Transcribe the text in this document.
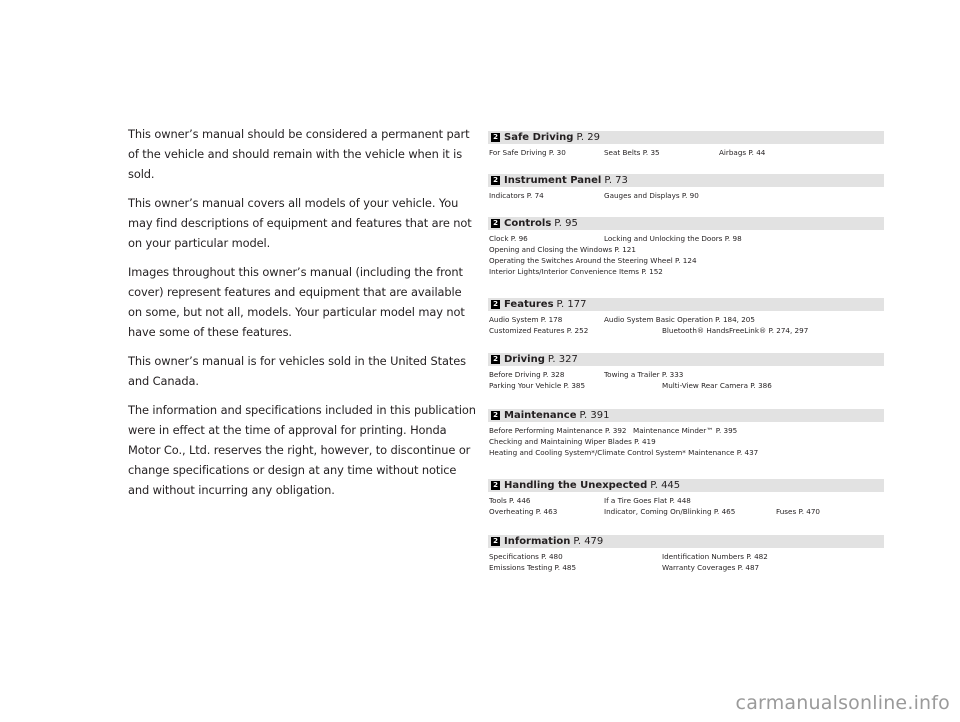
This owner’s manual should be considered a permanent part of the vehicle and should remain with the vehicle when it is sold.

This owner’s manual covers all models of your vehicle. You may find descriptions of equipment and features that are not on your particular model.

Images throughout this owner’s manual (including the front cover) represent features and equipment that are available on some, but not all, models. Your particular model may not have some of these features.

This owner’s manual is for vehicles sold in the United States and Canada.

The information and specifications included in this publication were in effect at the time of approval for printing. Honda Motor Co., Ltd. reserves the right, however, to discontinue or change specifications or design at any time without notice and without incurring any obligation.

2 Safe Driving P. 29
For Safe Driving P. 30	Seat Belts P. 35	Airbags P. 44
2 Instrument Panel P. 73
Indicators P. 74	Gauges and Displays P. 90
2 Controls P. 95
Clock P. 96	Locking and Unlocking the Doors P. 98
Opening and Closing the Windows P. 121
Operating the Switches Around the Steering Wheel P. 124
Interior Lights/Interior Convenience Items P. 152
2 Features P. 177
Audio System P. 178	Audio System Basic Operation P. 184, 205
Customized Features P. 252	Bluetooth® HandsFreeLink® P. 274, 297
2 Driving P. 327
Before Driving P. 328	Towing a Trailer P. 333
Parking Your Vehicle P. 385	Multi-View Rear Camera P. 386
2 Maintenance P. 391
Before Performing Maintenance P. 392 Maintenance Minder™ P. 395
Checking and Maintaining Wiper Blades P. 419
Heating and Cooling System*/Climate Control System* Maintenance P. 437
2 Handling the Unexpected P. 445
Tools P. 446	If a Tire Goes Flat P. 448
Overheating P. 463	Indicator, Coming On/Blinking P. 465	Fuses P. 470
2 Information P. 479
Specifications P. 480	Identification Numbers P. 482
Emissions Testing P. 485	Warranty Coverages P. 487
carmanualsonline.info
